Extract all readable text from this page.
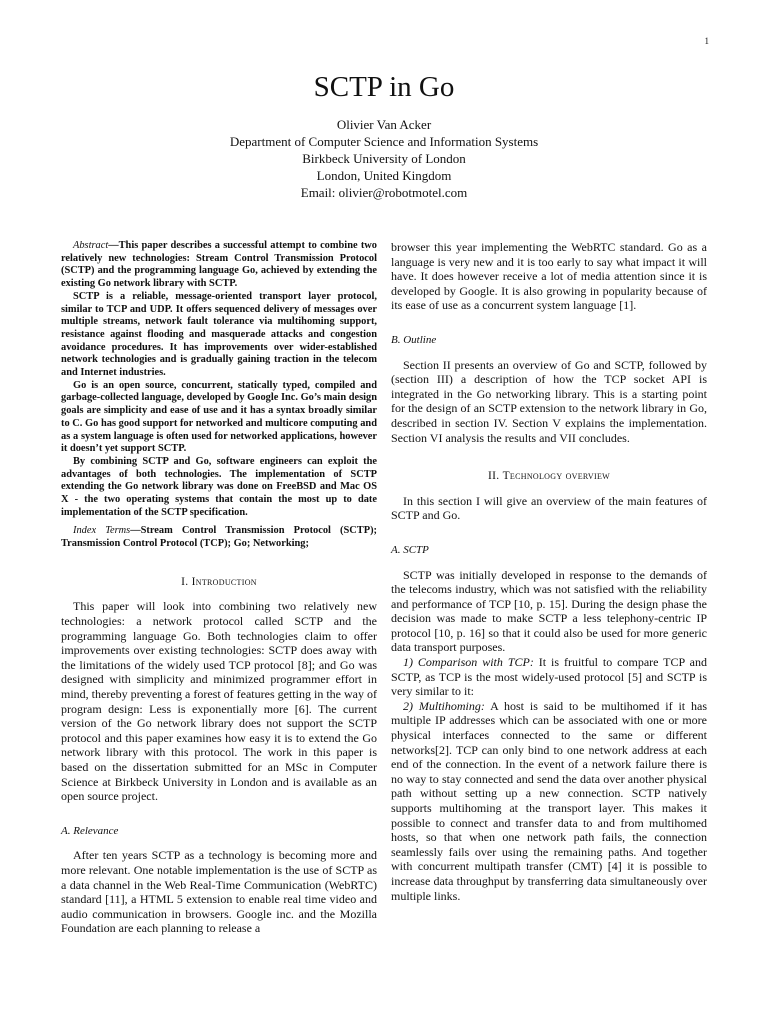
1
SCTP in Go
Olivier Van Acker
Department of Computer Science and Information Systems
Birkbeck University of London
London, United Kingdom
Email: olivier@robotmotel.com

Abstract—This paper describes a successful attempt to combine two relatively new technologies: Stream Control Transmission Protocol (SCTP) and the programming language Go, achieved by extending the existing Go network library with SCTP.

SCTP is a reliable, message-oriented transport layer protocol, similar to TCP and UDP. It offers sequenced delivery of messages over multiple streams, network fault tolerance via multihoming support, resistance against flooding and masquerade attacks and congestion avoidance procedures. It has improvements over wider-established network technologies and is gradually gaining traction in the telecom and Internet industries.

Go is an open source, concurrent, statically typed, compiled and garbage-collected language, developed by Google Inc. Go’s main design goals are simplicity and ease of use and it has a syntax broadly similar to C. Go has good support for networked and multicore computing and as a system language is often used for networked applications, however it doesn’t yet support SCTP.

By combining SCTP and Go, software engineers can exploit the advantages of both technologies. The implementation of SCTP extending the Go network library was done on FreeBSD and Mac OS X - the two operating systems that contain the most up to date implementation of the SCTP specification.

Index Terms—Stream Control Transmission Protocol (SCTP); Transmission Control Protocol (TCP); Go; Networking;

I. Introduction

This paper will look into combining two relatively new technologies: a network protocol called SCTP and the programming language Go. Both technologies claim to offer improvements over existing technologies: SCTP does away with the limitations of the widely used TCP protocol [8]; and Go was designed with simplicity and minimized programmer effort in mind, thereby preventing a forest of features getting in the way of program design: Less is exponentially more [6]. The current version of the Go network library does not support the SCTP protocol and this paper examines how easy it is to extend the Go network library with this protocol. The work in this paper is based on the dissertation submitted for an MSc in Computer Science at Birkbeck University in London and is available as an open source project.

A. Relevance

After ten years SCTP as a technology is becoming more and more relevant. One notable implementation is the use of SCTP as a data channel in the Web Real-Time Communication (WebRTC) standard [11], a HTML 5 extension to enable real time video and audio communication in browsers. Google inc. and the Mozilla Foundation are each planning to release a

browser this year implementing the WebRTC standard. Go as a language is very new and it is too early to say what impact it will have. It does however receive a lot of media attention since it is developed by Google. It is also growing in popularity because of its ease of use as a concurrent system language [1].

B. Outline

Section II presents an overview of Go and SCTP, followed by (section III) a description of how the TCP socket API is integrated in the Go networking library. This is a starting point for the design of an SCTP extension to the network library in Go, described in section IV. Section V explains the implementation. Section VI analysis the results and VII concludes.

II. Technology overview

In this section I will give an overview of the main features of SCTP and Go.

A. SCTP

SCTP was initially developed in response to the demands of the telecoms industry, which was not satisfied with the reliability and performance of TCP [10, p. 15]. During the design phase the decision was made to make SCTP a less telephony-centric IP protocol [10, p. 16] so that it could also be used for more generic data transport purposes.

1) Comparison with TCP: It is fruitful to compare TCP and SCTP, as TCP is the most widely-used protocol [5] and SCTP is very similar to it:

2) Multihoming: A host is said to be multihomed if it has multiple IP addresses which can be associated with one or more physical interfaces connected to the same or different networks[2]. TCP can only bind to one network address at each end of the connection. In the event of a network failure there is no way to stay connected and send the data over another physical path without setting up a new connection. SCTP natively supports multihoming at the transport layer. This makes it possible to connect and transfer data to and from multihomed hosts, so that when one network path fails, the connection seamlessly fails over using the remaining paths. And together with concurrent multipath transfer (CMT) [4] it is possible to increase data throughput by transferring data simultaneously over multiple links.
